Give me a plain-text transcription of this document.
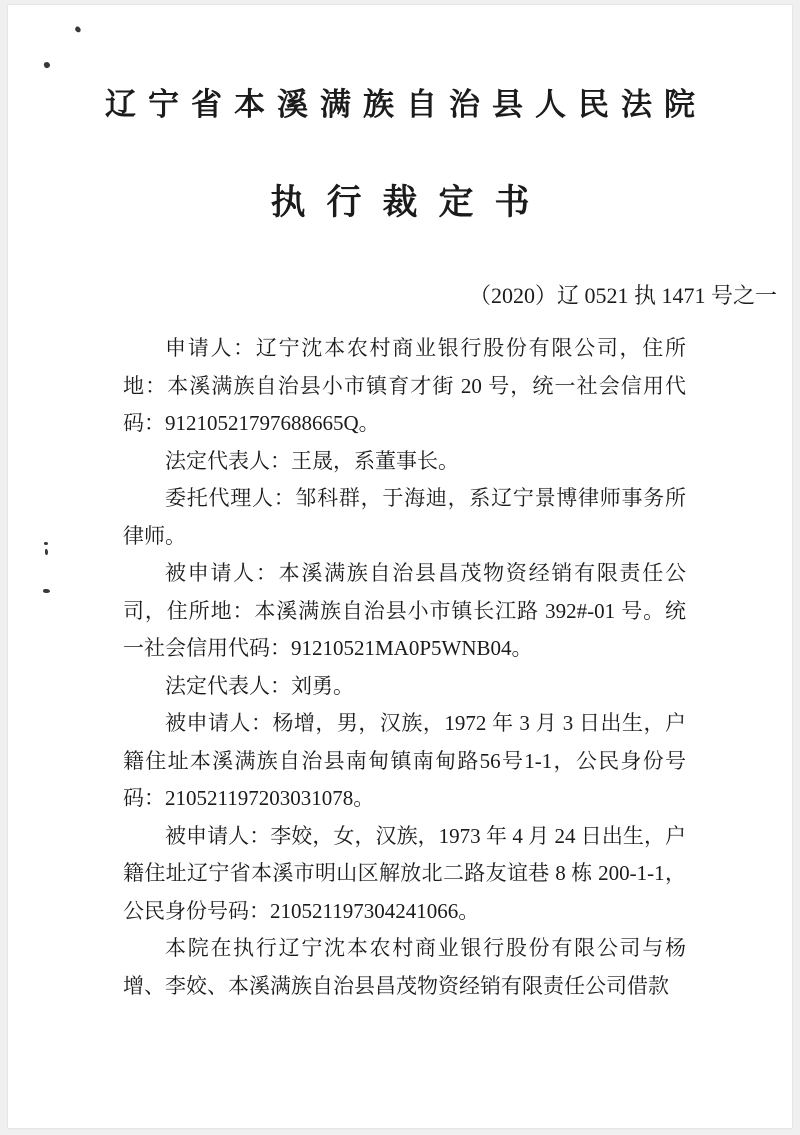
辽宁省本溪满族自治县人民法院
执行裁定书
（2020）辽 0521 执 1471 号之一

申请人：辽宁沈本农村商业银行股份有限公司，住所地：本溪满族自治县小市镇育才街 20 号，统一社会信用代码：91210521797688665Q。

法定代表人：王晟，系董事长。

委托代理人：邹科群，于海迪，系辽宁景博律师事务所律师。

被申请人：本溪满族自治县昌茂物资经销有限责任公司，住所地：本溪满族自治县小市镇长江路 392#-01 号。统一社会信用代码：91210521MA0P5WNB04。

法定代表人：刘勇。

被申请人：杨增，男，汉族，1972 年 3 月 3 日出生，户籍住址本溪满族自治县南甸镇南甸路56号1-1，公民身份号码：210521197203031078。

被申请人：李姣，女，汉族，1973 年 4 月 24 日出生，户籍住址辽宁省本溪市明山区解放北二路友谊巷 8 栋 200-1-1，公民身份号码：210521197304241066。

本院在执行辽宁沈本农村商业银行股份有限公司与杨增、李姣、本溪满族自治县昌茂物资经销有限责任公司借款
